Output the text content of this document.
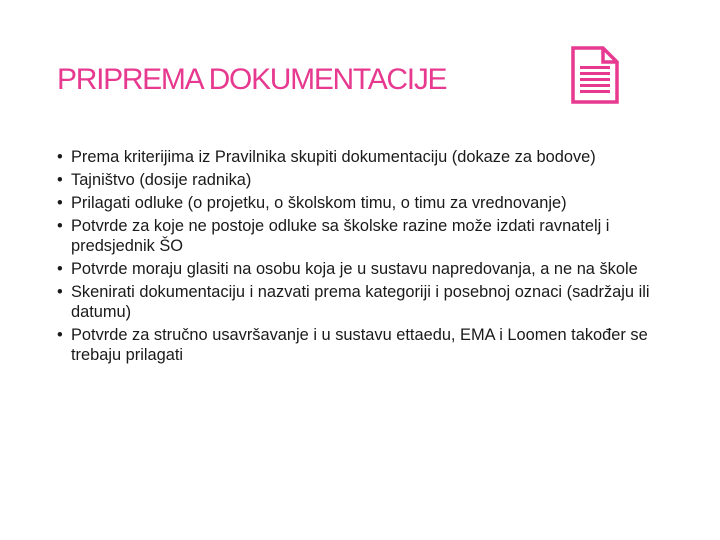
PRIPREMA DOKUMENTACIJE
• Prema kriterijima iz Pravilnika skupiti dokumentaciju (dokaze za bodove)
• Tajništvo (dosije radnika)
• Prilagati odluke (o projetku, o školskom timu, o timu za vrednovanje)
• Potvrde za koje ne postoje odluke sa školske razine može izdati ravnatelj i predsjednik ŠO
• Potvrde moraju glasiti na osobu koja je u sustavu napredovanja, a ne na škole
• Skenirati dokumentaciju i nazvati prema kategoriji i posebnoj oznaci (sadržaju ili datumu)
• Potvrde za stručno usavršavanje i u sustavu ettaedu, EMA i Loomen također se trebaju prilagati
